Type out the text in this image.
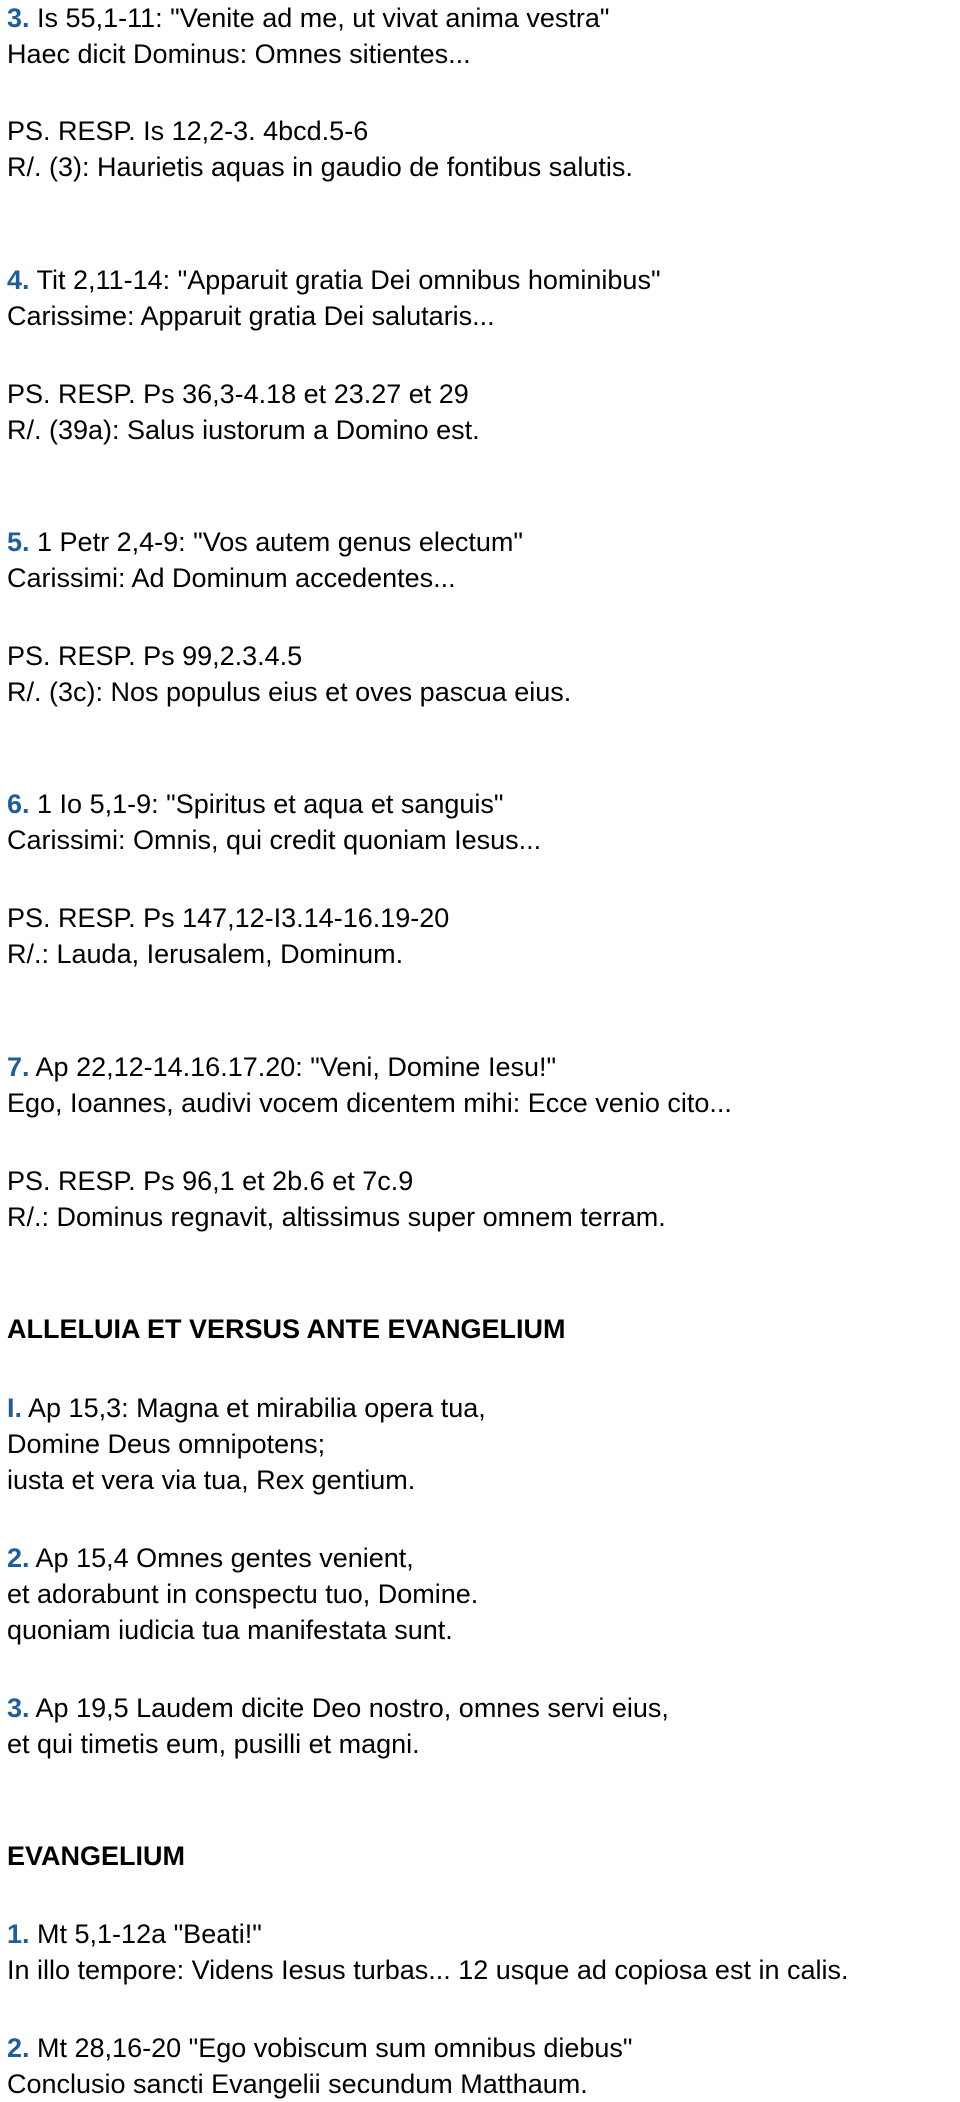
3. Is 55,1-11: "Venite ad me, ut vivat anima vestra"
Haec dicit Dominus: Omnes sitientes...
PS. RESP. Is 12,2-3. 4bcd.5-6
R/. (3): Haurietis aquas in gaudio de fontibus salutis.
4. Tit 2,11-14: "Apparuit gratia Dei omnibus hominibus"
Carissime: Apparuit gratia Dei salutaris...
PS. RESP. Ps 36,3-4.18 et 23.27 et 29
R/. (39a): Salus iustorum a Domino est.
5. 1 Petr 2,4-9: "Vos autem genus electum"
Carissimi: Ad Dominum accedentes...
PS. RESP. Ps 99,2.3.4.5
R/. (3c): Nos populus eius et oves pascua eius.
6. 1 Io 5,1-9: "Spiritus et aqua et sanguis"
Carissimi: Omnis, qui credit quoniam Iesus...
PS. RESP. Ps 147,12-I3.14-16.19-20
R/.: Lauda, Ierusalem, Dominum.
7. Ap 22,12-14.16.17.20: "Veni, Domine Iesu!"
Ego, Ioannes, audivi vocem dicentem mihi: Ecce venio cito...
PS. RESP. Ps 96,1 et 2b.6 et 7c.9
R/.: Dominus regnavit, altissimus super omnem terram.
ALLELUIA ET VERSUS ANTE EVANGELIUM
I. Ap 15,3: Magna et mirabilia opera tua,
Domine Deus omnipotens;
iusta et vera via tua, Rex gentium.
2. Ap 15,4 Omnes gentes venient,
et adorabunt in conspectu tuo, Domine.
quoniam iudicia tua manifestata sunt.
3. Ap 19,5 Laudem dicite Deo nostro, omnes servi eius,
et qui timetis eum, pusilli et magni.
EVANGELIUM
1. Mt 5,1-12a "Beati!"
In illo tempore: Videns Iesus turbas... 12 usque ad copiosa est in calis.
2. Mt 28,16-20 "Ego vobiscum sum omnibus diebus"
Conclusio sancti Evangelii secundum Matthaum.
